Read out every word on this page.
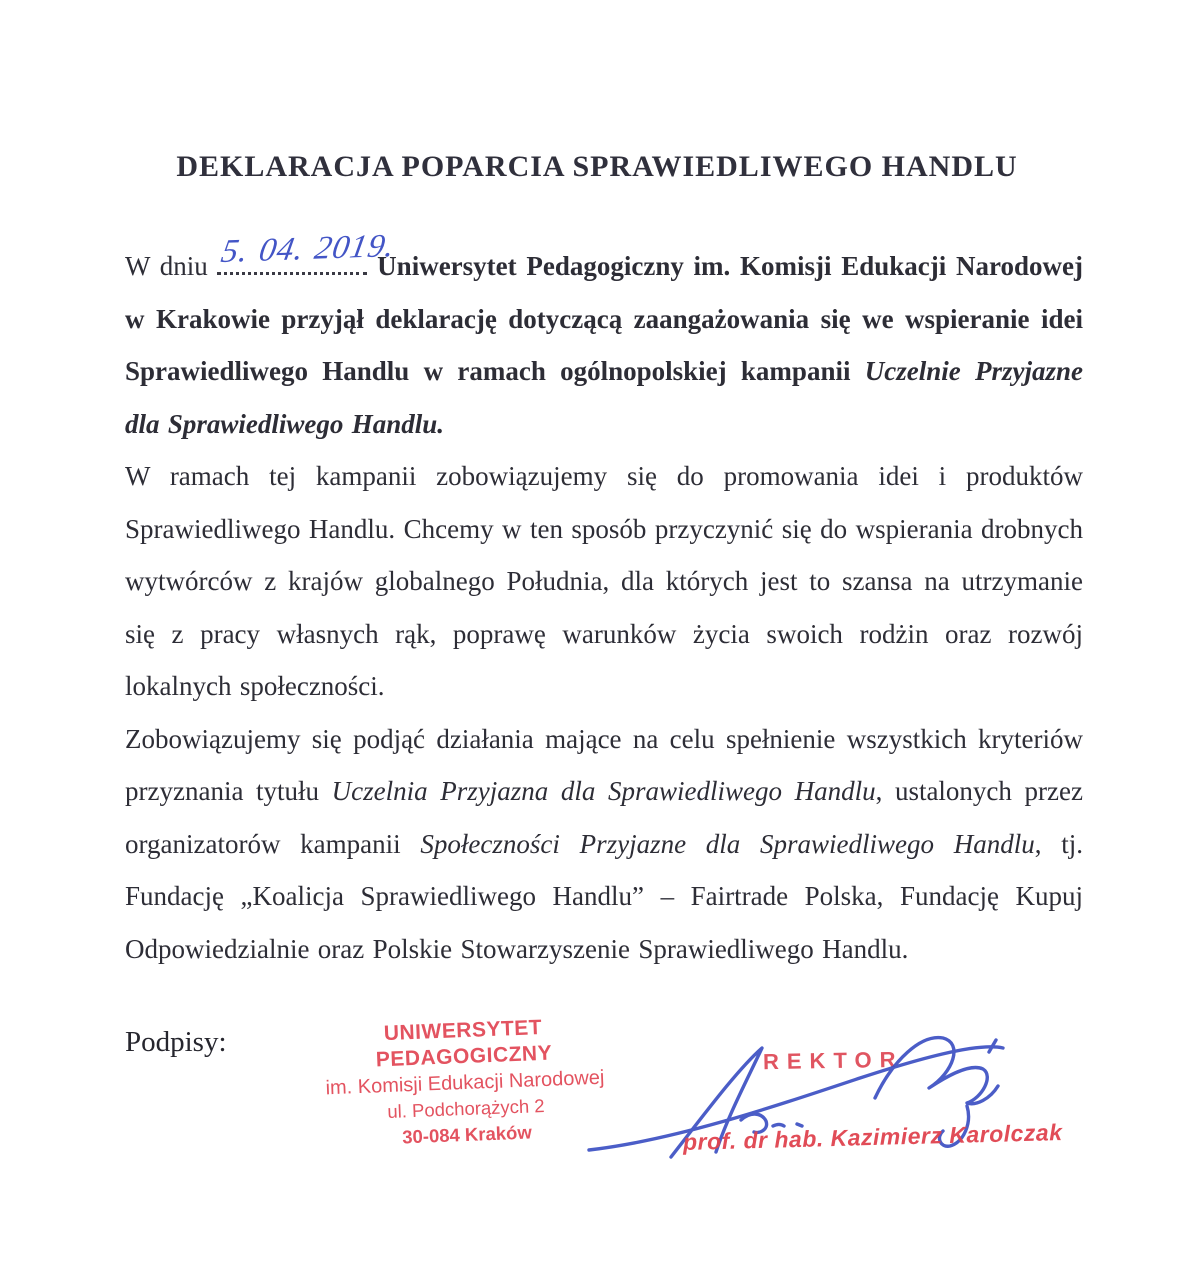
DEKLARACJA POPARCIA SPRAWIEDLIWEGO HANDLU

W dniu 5. 04. 2019.
Uniwersytet Pedagogiczny im. Komisji Edukacji Narodowej w Krakowie przyjął deklarację dotyczącą zaangażowania się we wspieranie idei Sprawiedliwego Handlu w ramach ogólnopolskiej kampanii Uczelnie Przyjazne dla Sprawiedliwego Handlu.

W ramach tej kampanii zobowiązujemy się do promowania idei i produktów Sprawiedliwego Handlu. Chcemy w ten sposób przyczynić się do wspierania drobnych wytwórców z krajów globalnego Południa, dla których jest to szansa na utrzymanie się z pracy własnych rąk, poprawę warunków życia swoich rodżin oraz rozwój lokalnych społeczności.

Zobowiązujemy się podjąć działania mające na celu spełnienie wszystkich kryteriów przyznania tytułu Uczelnia Przyjazna dla Sprawiedliwego Handlu, ustalonych przez organizatorów kampanii Społeczności Przyjazne dla Sprawiedliwego Handlu, tj. Fundację „Koalicja Sprawiedliwego Handlu” – Fairtrade Polska, Fundację Kupuj Odpowiedzialnie oraz Polskie Stowarzyszenie Sprawiedliwego Handlu.

Podpisy:	UNIWERSYTET PEDAGOGICZNY
im. Komisji Edukacji Narodowej
ul. Podchorążych 2
30-084 Kraków
REKTOR
prof. dr hab. Kazimierz Karolczak
